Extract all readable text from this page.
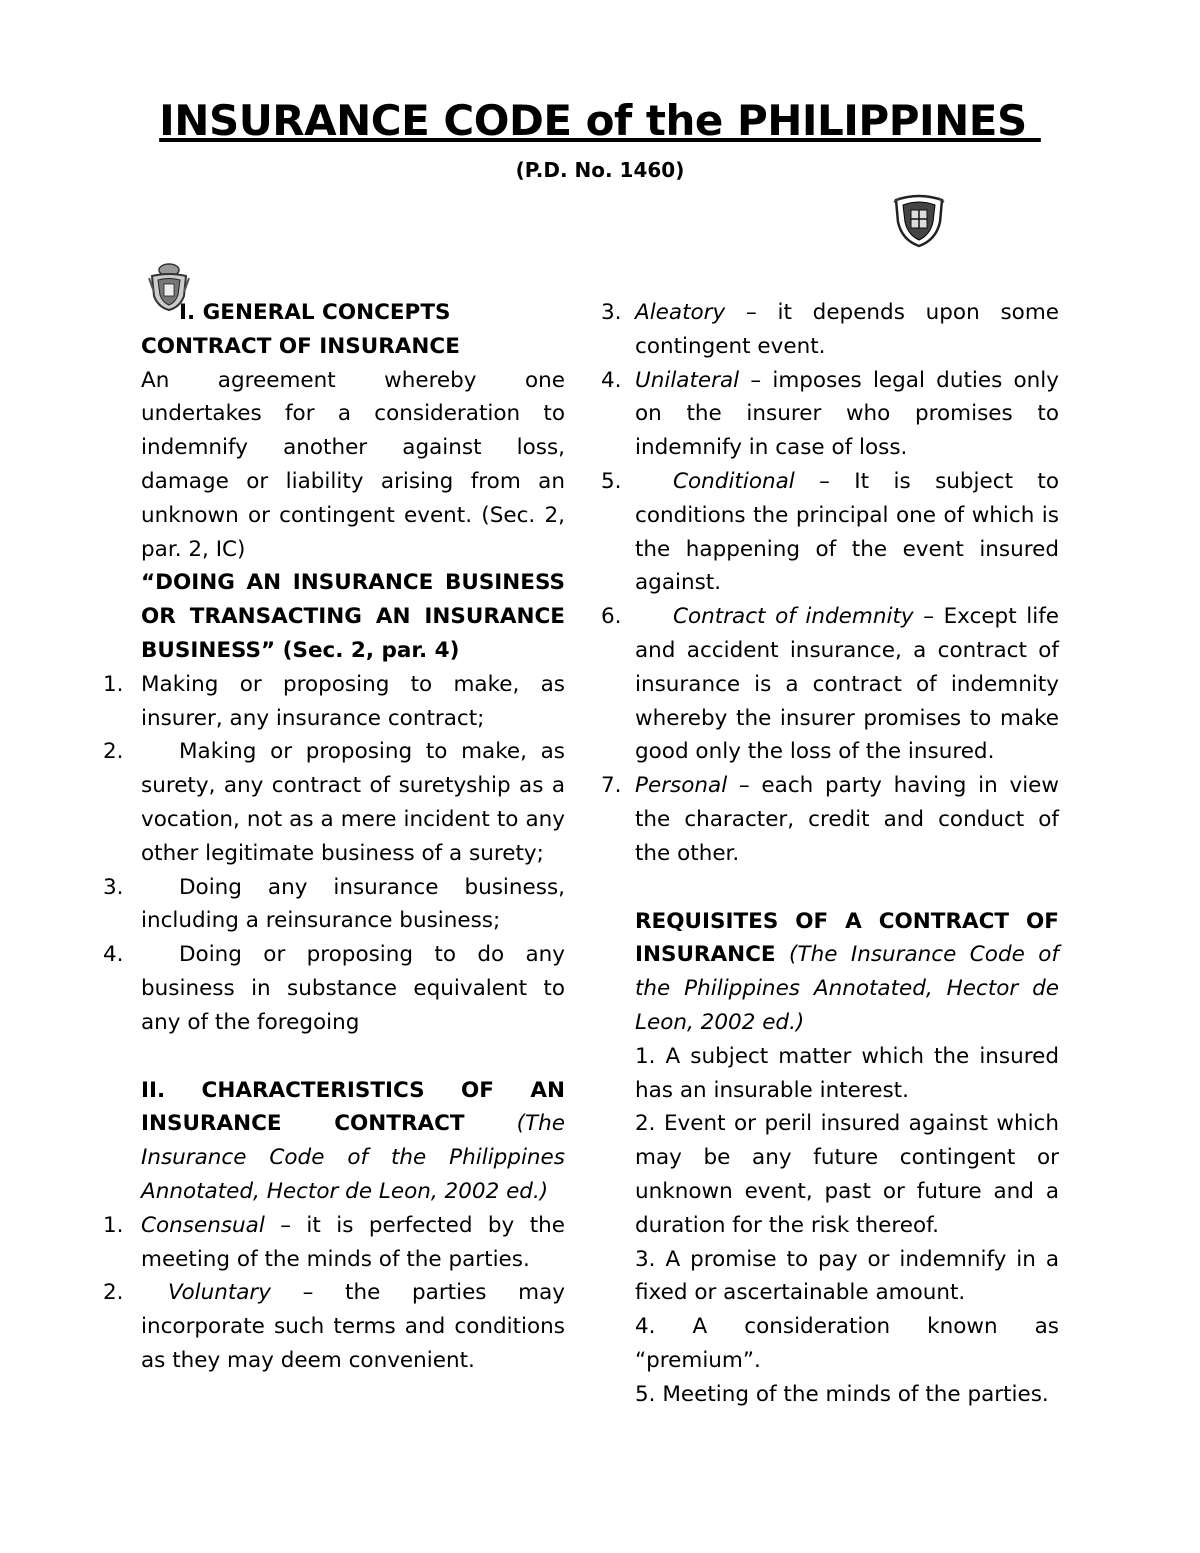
INSURANCE CODE of the PHILIPPINES
(P.D. No. 1460)

I. GENERAL CONCEPTS

CONTRACT OF INSURANCE

An agreement whereby one undertakes for a consideration to indemnify another against loss, damage or liability arising from an unknown or contingent event. (Sec. 2, par. 2, IC)

“DOING AN INSURANCE BUSINESS OR TRANSACTING AN INSURANCE BUSINESS” (Sec. 2, par. 4)

1. Making or proposing to make, as insurer, any insurance contract;
2.	Making or proposing to make, as surety, any contract of suretyship as a vocation, not as a mere incident to any other legitimate business of a surety;
3.	Doing any insurance business, including a reinsurance business;
4.	Doing or proposing to do any business in substance equivalent to any of the foregoing

II. CHARACTERISTICS OF AN INSURANCE CONTRACT (The Insurance Code of the Philippines Annotated, Hector de Leon, 2002 ed.)

1. Consensual – it is perfected by the meeting of the minds of the parties.
2. Voluntary – the parties may incorporate such terms and conditions as they may deem convenient.
3. Aleatory – it depends upon some contingent event.
4. Unilateral – imposes legal duties only on the insurer who promises to indemnify in case of loss.
5. Conditional – It is subject to conditions the principal one of which is the happening of the event insured against.
6. Contract of indemnity – Except life and accident insurance, a contract of insurance is a contract of indemnity whereby the insurer promises to make good only the loss of the insured.
7. Personal – each party having in view the character, credit and conduct of the other.

REQUISITES OF A CONTRACT OF INSURANCE (The Insurance Code of the Philippines Annotated, Hector de Leon, 2002 ed.)

1. A subject matter which the insured has an insurable interest.

2. Event or peril insured against which may be any future contingent or unknown event, past or future and a duration for the risk thereof.

3. A promise to pay or indemnify in a fixed or ascertainable amount.

4. A consideration known as “premium”.

5. Meeting of the minds of the parties.
